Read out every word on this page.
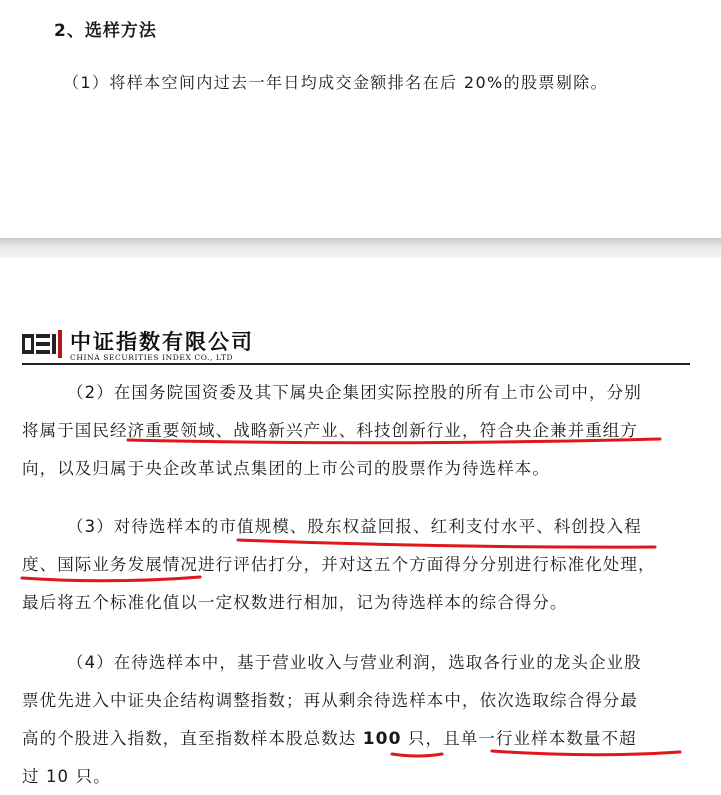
2、选样方法
（1）将样本空间内过去一年日均成交金额排名在后 20%的股票剔除。
中证指数有限公司
CHINA SECURITIES INDEX CO., LTD
（2）在国务院国资委及其下属央企集团实际控股的所有上市公司中，分别
将属于国民经济重要领域、战略新兴产业、科技创新行业，符合央企兼并重组方
向，以及归属于央企改革试点集团的上市公司的股票作为待选样本。
（3）对待选样本的市值规模、股东权益回报、红利支付水平、科创投入程
度、国际业务发展情况进行评估打分，并对这五个方面得分分别进行标准化处理，
最后将五个标准化值以一定权数进行相加，记为待选样本的综合得分。
（4）在待选样本中，基于营业收入与营业利润，选取各行业的龙头企业股
票优先进入中证央企结构调整指数；再从剩余待选样本中，依次选取综合得分最
高的个股进入指数，直至指数样本股总数达 100 只，且单一行业样本数量不超
过 10 只。
